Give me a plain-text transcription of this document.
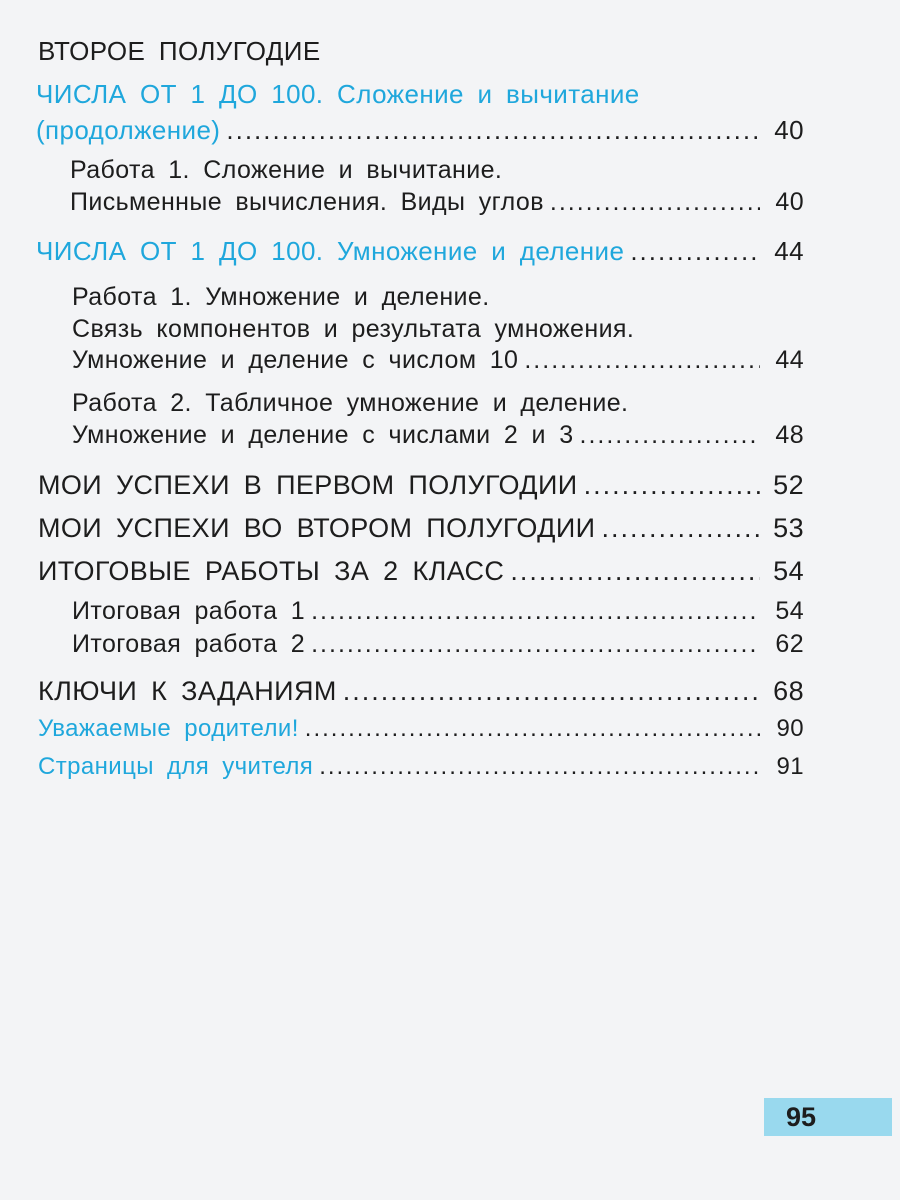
ВТОРОЕ ПОЛУГОДИЕ
ЧИСЛА ОТ 1 ДО 100. Сложение и вычитание
(продолжение) .....	40
Работа 1. Сложение и вычитание.
Письменные вычисления. Виды углов .....	40
ЧИСЛА ОТ 1 ДО 100. Умножение и деление .....	44
Работа 1. Умножение и деление.
Связь компонентов и результата умножения.
Умножение и деление с числом 10 .....	44
Работа 2. Табличное умножение и деление.
Умножение и деление с числами 2 и 3 .....	48
МОИ УСПЕХИ В ПЕРВОМ ПОЛУГОДИИ .....	52
МОИ УСПЕХИ ВО ВТОРОМ ПОЛУГОДИИ .....	53
ИТОГОВЫЕ РАБОТЫ ЗА 2 КЛАСС .....	54
Итоговая работа 1 .....	54
Итоговая работа 2 .....	62
КЛЮЧИ К ЗАДАНИЯМ .....	68
Уважаемые родители! .....	90
Страницы для учителя .....	91
95
